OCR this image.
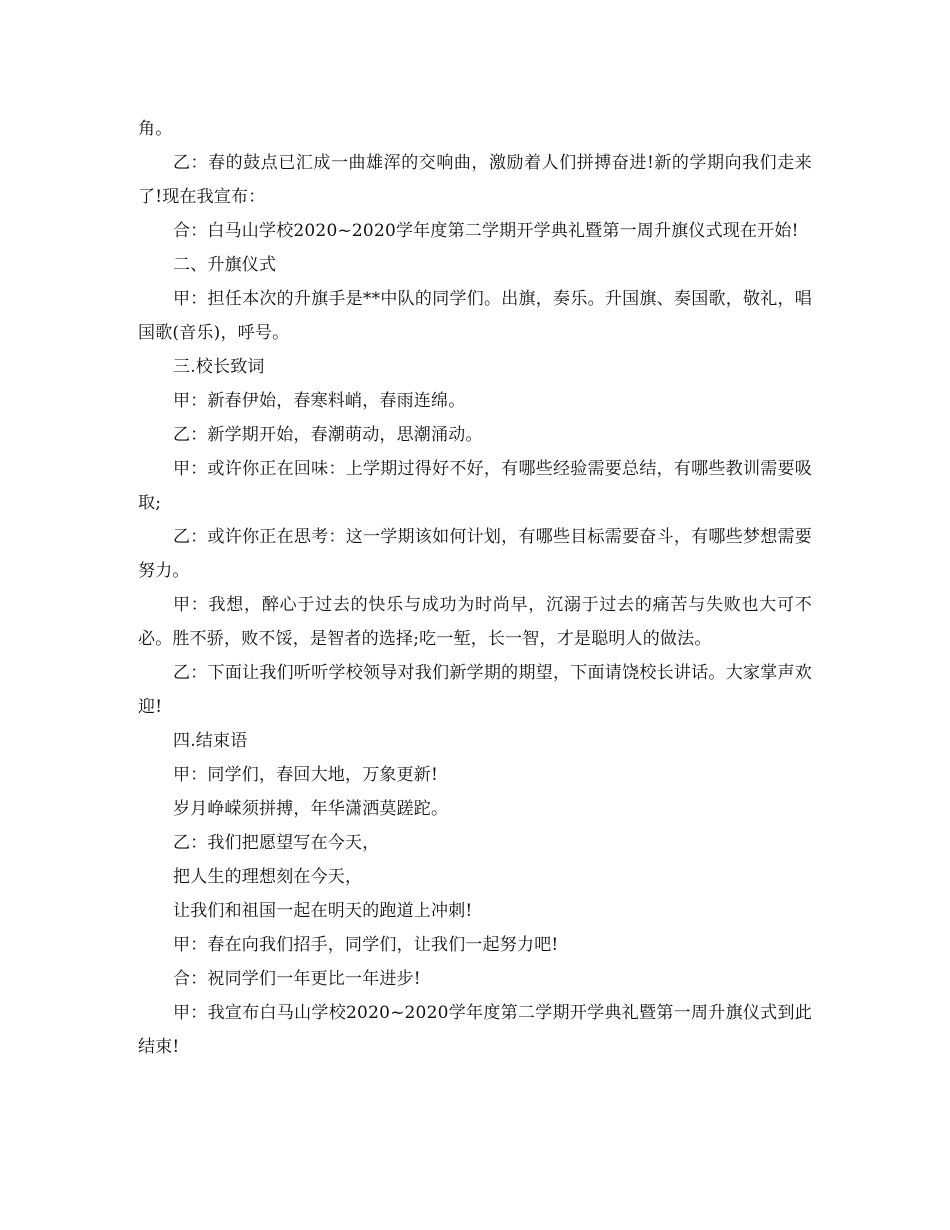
角。

乙：春的鼓点已汇成一曲雄浑的交响曲，激励着人们拼搏奋进!新的学期向我们走来了!现在我宣布：

合：白马山学校2020~2020学年度第二学期开学典礼暨第一周升旗仪式现在开始!

二、升旗仪式

甲：担任本次的升旗手是**中队的同学们。出旗，奏乐。升国旗、奏国歌，敬礼，唱国歌(音乐)，呼号。

三.校长致词

甲：新春伊始，春寒料峭，春雨连绵。

乙：新学期开始，春潮萌动，思潮涌动。

甲：或许你正在回味：上学期过得好不好，有哪些经验需要总结，有哪些教训需要吸取;

乙：或许你正在思考：这一学期该如何计划，有哪些目标需要奋斗，有哪些梦想需要努力。

甲：我想，醉心于过去的快乐与成功为时尚早，沉溺于过去的痛苦与失败也大可不必。胜不骄，败不馁，是智者的选择;吃一堑，长一智，才是聪明人的做法。

乙：下面让我们听听学校领导对我们新学期的期望，下面请饶校长讲话。大家掌声欢迎!

四.结束语

甲：同学们，春回大地，万象更新!

岁月峥嵘须拼搏，年华潇洒莫蹉跎。

乙：我们把愿望写在今天，

把人生的理想刻在今天，

让我们和祖国一起在明天的跑道上冲刺!

甲：春在向我们招手，同学们，让我们一起努力吧!

合：祝同学们一年更比一年进步!

甲：我宣布白马山学校2020~2020学年度第二学期开学典礼暨第一周升旗仪式到此结束!
